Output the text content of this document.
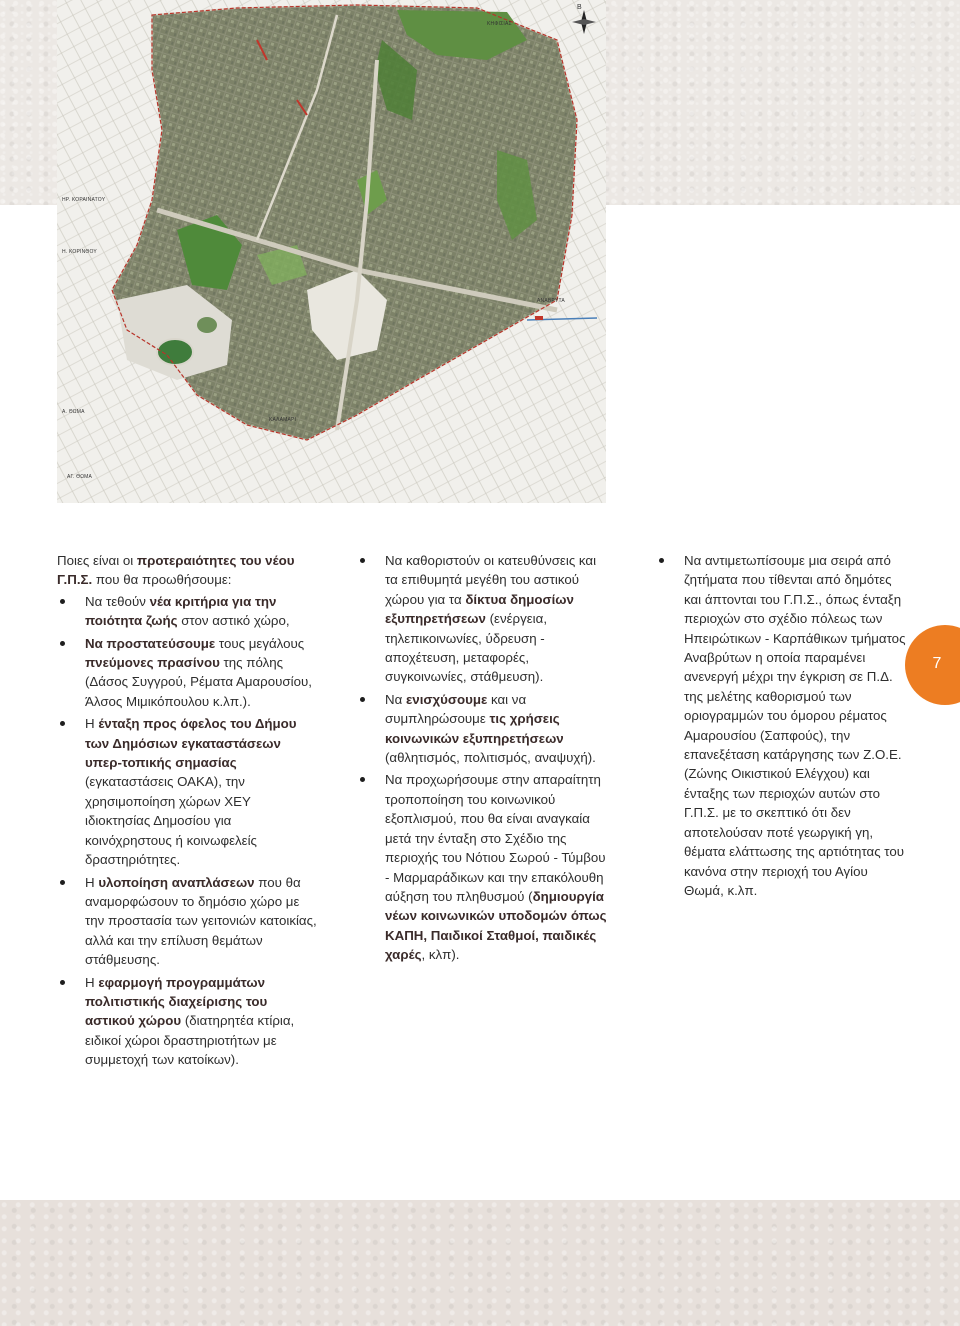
ΚΗΦΙΣΙΑΣ
ΗΡ. ΚΟΡΑΙΝΑΤΟΥ
Η. ΚΟΡΙΝΘΟΥ
ΑΝΑΒΡΥΤΑ
ΚΑΛΑΜΑΡΙ
Α. ΘΩΜΑ
ΑΓ. ΘΩΜΑ
Β

Ποιες είναι οι προτεραιότητες του νέου Γ.Π.Σ. που θα προωθήσουμε:

Να τεθούν νέα κριτήρια για την ποιότητα ζωής στον αστικό χώρο,
Να προστατεύσουμε τους μεγάλους πνεύμονες πρασίνου της πόλης (Δάσος Συγγρού, Ρέματα Αμαρουσίου, Άλσος Μιμικόπουλου κ.λπ.).
Η ένταξη προς όφελος του Δήμου των Δημόσιων εγκαταστάσεων υπερ-τοπικής σημασίας (εγκαταστάσεις ΟΑΚΑ), την χρησιμοποίηση χώρων ΧΕΥ ιδιοκτησίας Δημοσίου για κοινόχρηστους ή κοινωφελείς δραστηριότητες.
Η υλοποίηση αναπλάσεων που θα αναμορφώσουν το δημόσιο χώρο με την προστασία των γειτονιών κατοικίας, αλλά και την επίλυση θεμάτων στάθμευσης.
Η εφαρμογή προγραμμάτων πολιτιστικής διαχείρισης του αστικού χώρου (διατηρητέα κτίρια, ειδικοί χώροι δραστηριοτήτων με συμμετοχή των κατοίκων).
Να καθοριστούν οι κατευθύνσεις και τα επιθυμητά μεγέθη του αστικού χώρου για τα δίκτυα δημοσίων εξυπηρετήσεων (ενέργεια, τηλεπικοινωνίες, ύδρευση - αποχέτευση, μεταφορές, συγκοινωνίες, στάθμευση).
Να ενισχύσουμε και να συμπληρώσουμε τις χρήσεις κοινωνικών εξυπηρετήσεων (αθλητισμός, πολιτισμός, αναψυχή).
Να προχωρήσουμε στην απαραίτητη τροποποίηση του κοινωνικού εξοπλισμού, που θα είναι αναγκαία μετά την ένταξη στο Σχέδιο της περιοχής του Νότιου Σωρού - Τύμβου - Μαρμαράδικων και την επακόλουθη αύξηση του πληθυσμού (δημιουργία νέων κοινωνικών υποδομών όπως ΚΑΠΗ, Παιδικοί Σταθμοί, παιδικές χαρές, κλπ).
Να αντιμετωπίσουμε μια σειρά από ζητήματα που τίθενται από δημότες και άπτονται του Γ.Π.Σ., όπως ένταξη περιοχών στο σχέδιο πόλεως των Ηπειρώτικων - Καρπάθικων τμήματος Αναβρύτων η οποία παραμένει ανενεργή μέχρι την έγκριση σε Π.Δ. της μελέτης καθορισμού των οριογραμμών του όμορου ρέματος Αμαρουσίου (Σαπφούς), την επανεξέταση κατάργησης των Ζ.Ο.Ε. (Ζώνης Οικιστικού Ελέγχου) και ένταξης των περιοχών αυτών στο Γ.Π.Σ. με το σκεπτικό ότι δεν αποτελούσαν ποτέ γεωργική γη, θέματα ελάττωσης της αρτιότητας του κανόνα στην περιοχή του Αγίου Θωμά, κ.λπ.
7
